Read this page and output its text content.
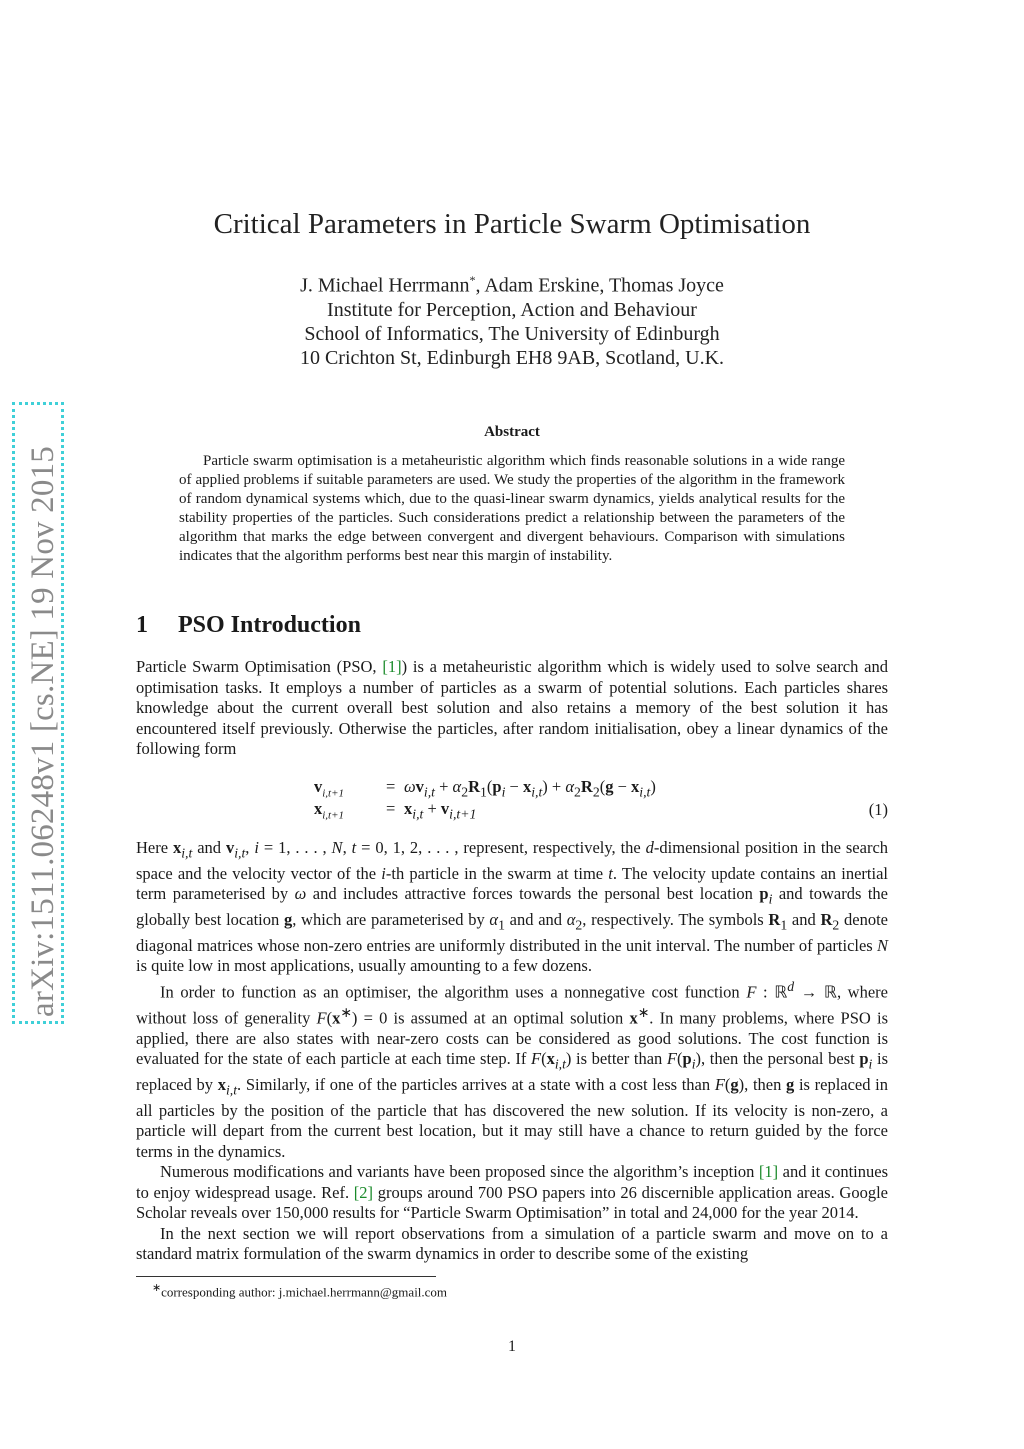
arXiv:1511.06248v1 [cs.NE] 19 Nov 2015
Critical Parameters in Particle Swarm Optimisation
J. Michael Herrmann*, Adam Erskine, Thomas Joyce
Institute for Perception, Action and Behaviour
School of Informatics, The University of Edinburgh
10 Crichton St, Edinburgh EH8 9AB, Scotland, U.K.
Abstract
Particle swarm optimisation is a metaheuristic algorithm which finds reasonable solutions in a wide range of applied problems if suitable parameters are used. We study the properties of the algorithm in the framework of random dynamical systems which, due to the quasi-linear swarm dynamics, yields analytical results for the stability properties of the particles. Such considerations predict a relationship between the parameters of the algorithm that marks the edge between convergent and divergent behaviours. Comparison with simulations indicates that the algorithm performs best near this margin of instability.
1 PSO Introduction

Particle Swarm Optimisation (PSO, [1]) is a metaheuristic algorithm which is widely used to solve search and optimisation tasks. It employs a number of particles as a swarm of potential solutions. Each particles shares knowledge about the current overall best solution and also retains a memory of the best solution it has encountered itself previously. Otherwise the particles, after random initialisation, obey a linear dynamics of the following form

$v_{i,t+1}$	= $\omega v_{i,t} + \alpha_2R_1(p_i - x_{i,t}) + \alpha_2R_2(g - x_{i,t})$
$x_{i,t+1}$	= $x_{i,t} + v_{i,t+1}$	(1)

Here $x_{i,t}$ and $v_{i,t}$, i = 1, . . . , N, t = 0, 1, 2, . . . , represent, respectively, the d-dimensional position in the search space and the velocity vector of the i-th particle in the swarm at time t. The velocity update contains an inertial term parameterised by ω and includes attractive forces towards the personal best location $p_i$ and towards the globally best location g, which are parameterised by $\alpha_1$ and and $\alpha_2$, respectively. The symbols $R_1$ and $R_2$ denote diagonal matrices whose non-zero entries are uniformly distributed in the unit interval. The number of particles N is quite low in most applications, usually amounting to a few dozens.

In order to function as an optimiser, the algorithm uses a nonnegative cost function F : ℝ$^d$ → ℝ, where without loss of generality F(x∗) = 0 is assumed at an optimal solution x∗. In many problems, where PSO is applied, there are also states with near-zero costs can be considered as good solutions. The cost function is evaluated for the state of each particle at each time step. If $F(x_{i,t})$ is better than $F(p_i)$, then the personal best $p_i$ is replaced by $x_{i,t}$. Similarly, if one of the particles arrives at a state with a cost less than F(g), then g is replaced in all particles by the position of the particle that has discovered the new solution. If its velocity is non-zero, a particle will depart from the current best location, but it may still have a chance to return guided by the force terms in the dynamics.

Numerous modifications and variants have been proposed since the algorithm’s inception [1] and it continues to enjoy widespread usage. Ref. [2] groups around 700 PSO papers into 26 discernible application areas. Google Scholar reveals over 150,000 results for “Particle Swarm Optimisation” in total and 24,000 for the year 2014.

In the next section we will report observations from a simulation of a particle swarm and move on to a standard matrix formulation of the swarm dynamics in order to describe some of the existing

∗corresponding author: j.michael.herrmann@gmail.com
1
